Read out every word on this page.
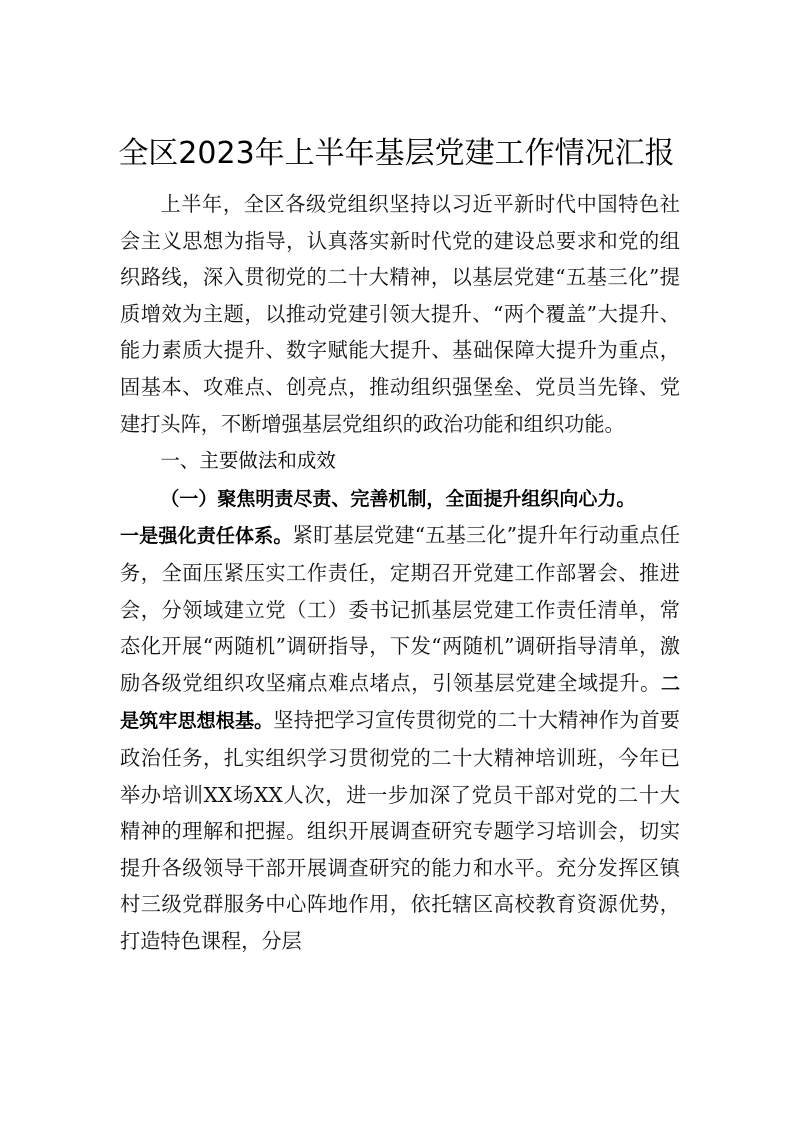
全区2023年上半年基层党建工作情况汇报

上半年，全区各级党组织坚持以习近平新时代中国特色社会主义思想为指导，认真落实新时代党的建设总要求和党的组织路线，深入贯彻党的二十大精神，以基层党建“五基三化”提质增效为主题，以推动党建引领大提升、“两个覆盖”大提升、能力素质大提升、数字赋能大提升、基础保障大提升为重点，固基本、攻难点、创亮点，推动组织强堡垒、党员当先锋、党建打头阵，不断增强基层党组织的政治功能和组织功能。

一、主要做法和成效

（一）聚焦明责尽责、完善机制，全面提升组织向心力。

一是强化责任体系。紧盯基层党建“五基三化”提升年行动重点任务，全面压紧压实工作责任，定期召开党建工作部署会、推进会，分领域建立党（工）委书记抓基层党建工作责任清单，常态化开展“两随机”调研指导，下发“两随机”调研指导清单，激励各级党组织攻坚痛点难点堵点，引领基层党建全域提升。二是筑牢思想根基。坚持把学习宣传贯彻党的二十大精神作为首要政治任务，扎实组织学习贯彻党的二十大精神培训班，今年已举办培训XX场XX人次，进一步加深了党员干部对党的二十大精神的理解和把握。组织开展调查研究专题学习培训会，切实提升各级领导干部开展调查研究的能力和水平。充分发挥区镇村三级党群服务中心阵地作用，依托辖区高校教育资源优势，打造特色课程，分层
